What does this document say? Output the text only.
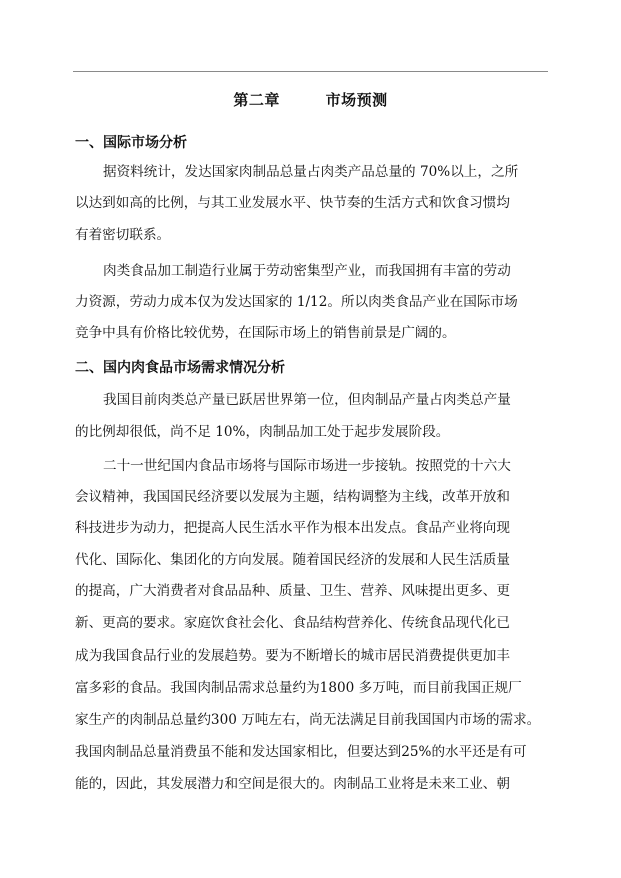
第二章        市场预测
一、国际市场分析
据资料统计，发达国家肉制品总量占肉类产品总量的 70%以上，之所
以达到如高的比例，与其工业发展水平、快节奏的生活方式和饮食习惯均
有着密切联系。
肉类食品加工制造行业属于劳动密集型产业，而我国拥有丰富的劳动
力资源，劳动力成本仅为发达国家的 1/12。所以肉类食品产业在国际市场
竞争中具有价格比较优势，在国际市场上的销售前景是广阔的。
二、国内肉食品市场需求情况分析
我国目前肉类总产量已跃居世界第一位，但肉制品产量占肉类总产量
的比例却很低，尚不足 10%，肉制品加工处于起步发展阶段。
二十一世纪国内食品市场将与国际市场进一步接轨。按照党的十六大
会议精神，我国国民经济要以发展为主题，结构调整为主线，改革开放和
科技进步为动力，把提高人民生活水平作为根本出发点。食品产业将向现
代化、国际化、集团化的方向发展。随着国民经济的发展和人民生活质量
的提高，广大消费者对食品品种、质量、卫生、营养、风味提出更多、更
新、更高的要求。家庭饮食社会化、食品结构营养化、传统食品现代化已
成为我国食品行业的发展趋势。要为不断增长的城市居民消费提供更加丰
富多彩的食品。我国肉制品需求总量约为1800 多万吨，而目前我国正规厂
家生产的肉制品总量约300 万吨左右，尚无法满足目前我国国内市场的需求。
我国肉制品总量消费虽不能和发达国家相比，但要达到25%的水平还是有可
能的，因此，其发展潜力和空间是很大的。肉制品工业将是未来工业、朝
